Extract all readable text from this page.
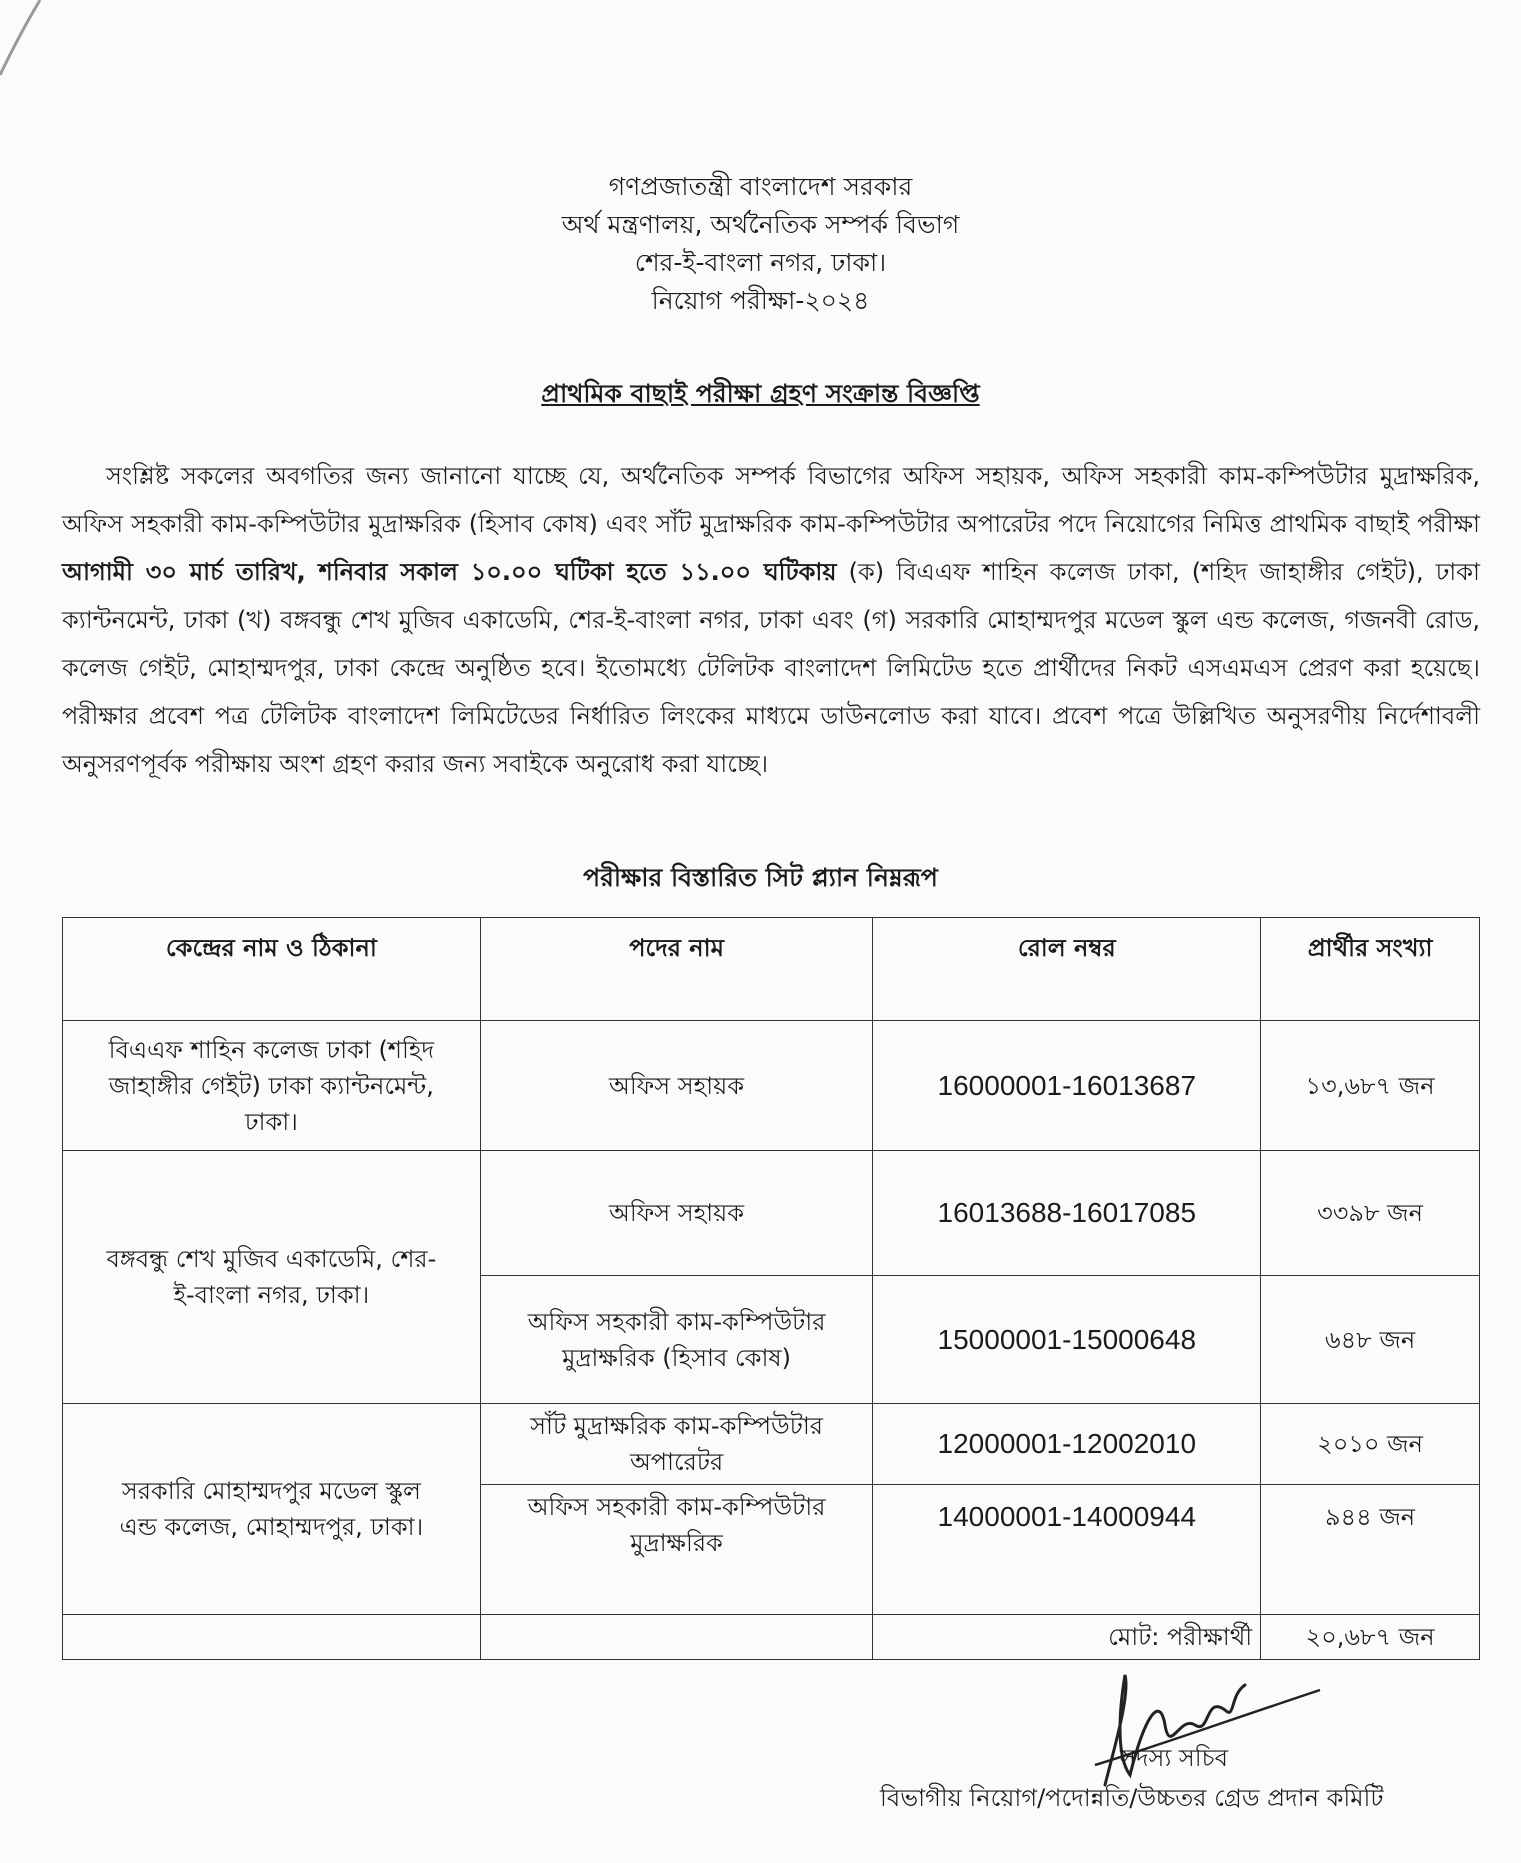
গণপ্রজাতন্ত্রী বাংলাদেশ সরকার
অর্থ মন্ত্রণালয়, অর্থনৈতিক সম্পর্ক বিভাগ
শের-ই-বাংলা নগর, ঢাকা।
নিয়োগ পরীক্ষা-২০২৪
প্রাথমিক বাছাই পরীক্ষা গ্রহণ সংক্রান্ত বিজ্ঞপ্তি
সংশ্লিষ্ট সকলের অবগতির জন্য জানানো যাচ্ছে যে, অর্থনৈতিক সম্পর্ক বিভাগের অফিস সহায়ক, অফিস সহকারী কাম-কম্পিউটার মুদ্রাক্ষরিক, অফিস সহকারী কাম-কম্পিউটার মুদ্রাক্ষরিক (হিসাব কোষ) এবং সাঁট মুদ্রাক্ষরিক কাম-কম্পিউটার অপারেটর পদে নিয়োগের নিমিত্ত প্রাথমিক বাছাই পরীক্ষা আগামী ৩০ মার্চ তারিখ, শনিবার সকাল ১০.০০ ঘটিকা হতে ১১.০০ ঘটিকায় (ক) বিএএফ শাহিন কলেজ ঢাকা, (শহিদ জাহাঙ্গীর গেইট), ঢাকা ক্যান্টনমেন্ট, ঢাকা (খ) বঙ্গবন্ধু শেখ মুজিব একাডেমি, শের-ই-বাংলা নগর, ঢাকা এবং (গ) সরকারি মোহাম্মদপুর মডেল স্কুল এন্ড কলেজ, গজনবী রোড, কলেজ গেইট, মোহাম্মদপুর, ঢাকা কেন্দ্রে অনুষ্ঠিত হবে। ইতোমধ্যে টেলিটক বাংলাদেশ লিমিটেড হতে প্রার্থীদের নিকট এসএমএস প্রেরণ করা হয়েছে। পরীক্ষার প্রবেশ পত্র টেলিটক বাংলাদেশ লিমিটেডের নির্ধারিত লিংকের মাধ্যমে ডাউনলোড করা যাবে। প্রবেশ পত্রে উল্লিখিত অনুসরণীয় নির্দেশাবলী অনুসরণপূর্বক পরীক্ষায় অংশ গ্রহণ করার জন্য সবাইকে অনুরোধ করা যাচ্ছে।
পরীক্ষার বিস্তারিত সিট প্ল্যান নিম্নরূপ
কেন্দ্রের নাম ও ঠিকানা	পদের নাম	রোল নম্বর	প্রার্থীর সংখ্যা
বিএএফ শাহিন কলেজ ঢাকা (শহিদ জাহাঙ্গীর গেইট) ঢাকা ক্যান্টনমেন্ট, ঢাকা।	অফিস সহায়ক	16000001-16013687	১৩,৬৮৭ জন
বঙ্গবন্ধু শেখ মুজিব একাডেমি, শের-ই-বাংলা নগর, ঢাকা।	অফিস সহায়ক	16013688-16017085	৩৩৯৮ জন
	অফিস সহকারী কাম-কম্পিউটার মুদ্রাক্ষরিক (হিসাব কোষ)	15000001-15000648	৬৪৮ জন
সরকারি মোহাম্মদপুর মডেল স্কুল এন্ড কলেজ, মোহাম্মদপুর, ঢাকা।	সাঁট মুদ্রাক্ষরিক কাম-কম্পিউটার অপারেটর	12000001-12002010	২০১০ জন
	অফিস সহকারী কাম-কম্পিউটার মুদ্রাক্ষরিক	14000001-14000944	৯৪৪ জন
		মোট: পরীক্ষার্থী	২০,৬৮৭ জন
সদস্য সচিব
বিভাগীয় নিয়োগ/পদোন্নতি/উচ্চতর গ্রেড প্রদান কমিটি
